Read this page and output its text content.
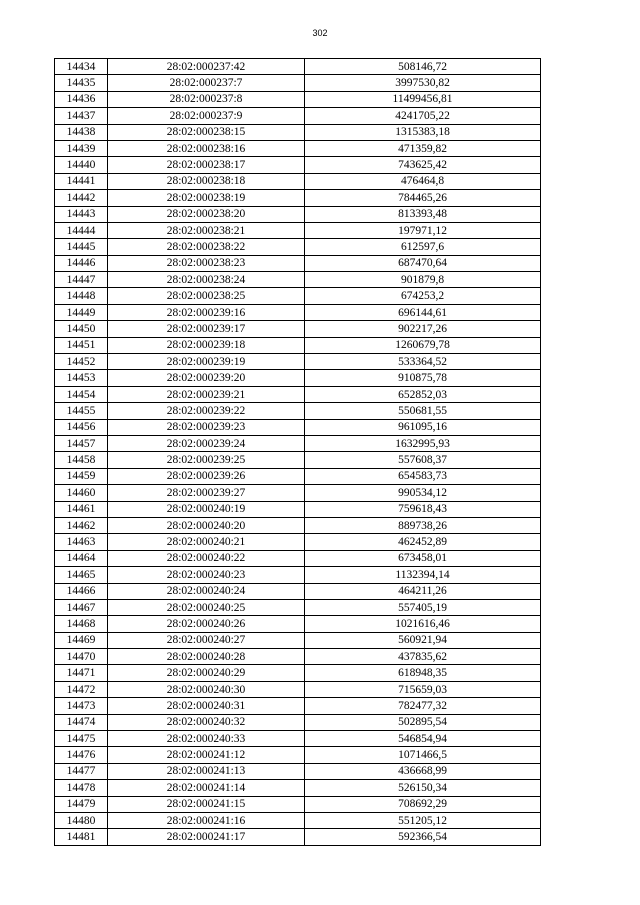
302
14434	28:02:000237:42	508146,72
14435	28:02:000237:7	3997530,82
14436	28:02:000237:8	11499456,81
14437	28:02:000237:9	4241705,22
14438	28:02:000238:15	1315383,18
14439	28:02:000238:16	471359,82
14440	28:02:000238:17	743625,42
14441	28:02:000238:18	476464,8
14442	28:02:000238:19	784465,26
14443	28:02:000238:20	813393,48
14444	28:02:000238:21	197971,12
14445	28:02:000238:22	612597,6
14446	28:02:000238:23	687470,64
14447	28:02:000238:24	901879,8
14448	28:02:000238:25	674253,2
14449	28:02:000239:16	696144,61
14450	28:02:000239:17	902217,26
14451	28:02:000239:18	1260679,78
14452	28:02:000239:19	533364,52
14453	28:02:000239:20	910875,78
14454	28:02:000239:21	652852,03
14455	28:02:000239:22	550681,55
14456	28:02:000239:23	961095,16
14457	28:02:000239:24	1632995,93
14458	28:02:000239:25	557608,37
14459	28:02:000239:26	654583,73
14460	28:02:000239:27	990534,12
14461	28:02:000240:19	759618,43
14462	28:02:000240:20	889738,26
14463	28:02:000240:21	462452,89
14464	28:02:000240:22	673458,01
14465	28:02:000240:23	1132394,14
14466	28:02:000240:24	464211,26
14467	28:02:000240:25	557405,19
14468	28:02:000240:26	1021616,46
14469	28:02:000240:27	560921,94
14470	28:02:000240:28	437835,62
14471	28:02:000240:29	618948,35
14472	28:02:000240:30	715659,03
14473	28:02:000240:31	782477,32
14474	28:02:000240:32	502895,54
14475	28:02:000240:33	546854,94
14476	28:02:000241:12	1071466,5
14477	28:02:000241:13	436668,99
14478	28:02:000241:14	526150,34
14479	28:02:000241:15	708692,29
14480	28:02:000241:16	551205,12
14481	28:02:000241:17	592366,54
